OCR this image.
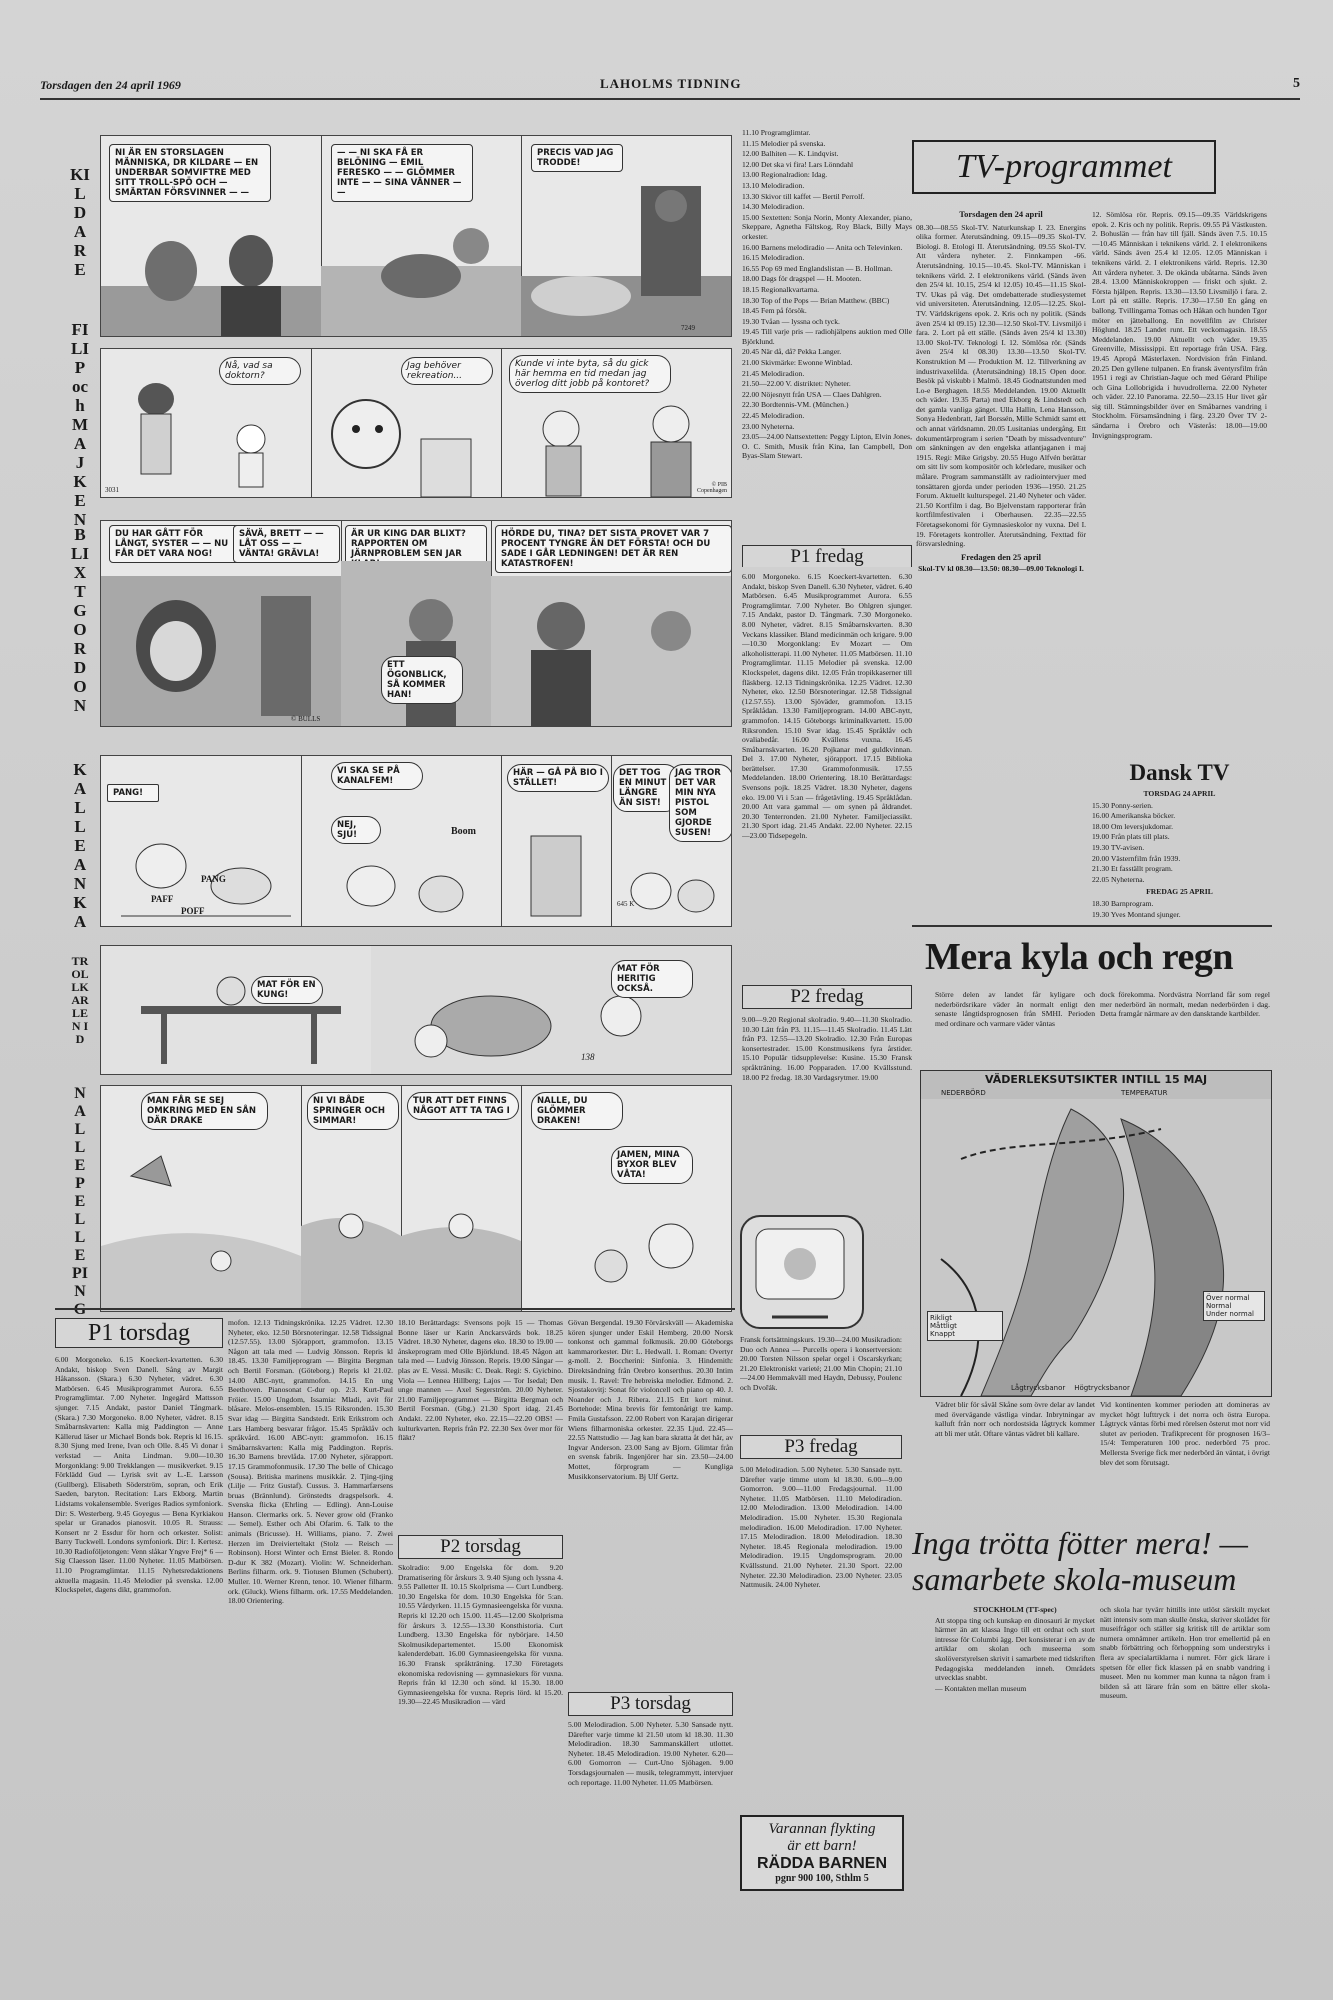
Torsdagen den 24 april 1969	LAHOLMS TIDNING	5
KILDARE
FILIP och MAJKEN
BLIXT GORDON
KALLE ANKA
TROLLKARLEN ID
NALLE PELLE PIN
NI ÄR EN STORSLAGEN MÄNNISKA, DR KILDARE — EN UNDERBAR SOMVIFTRE MED SITT TROLL-SPÖ OCH — SMÄRTAN FÖRSVINNER — —
— — NI SKA FÅ ER BELÖNING — EMIL FERESKO — — GLÖMMER INTE — — SINA VÄNNER — —
PRECIS VAD JAG TRODDE!
7249
Nå, vad sa doktorn?
3031
Jag behöver rekreation...
Kunde vi inte byta, så du gick här hemma en tid medan jag överlog ditt jobb på kontoret?
© PIB Copenhagen
DU HAR GÅTT FÖR LÅNGT, SYSTER — — NU FÅR DET VARA NOG!
SÄVÄ, BRETT — — LÅT OSS — — VÄNTA! GRÄVLA!
© BULLS
ÄR UR KING DAR BLIXT? RAPPORTEN OM JÄRNPROBLEM SEN JAR
ETT ÖGONBLICK, SÅ KOMMER HAN!
HÖRDE DU, TINA? DET SISTA PROVET VAR 7 PROCENT TYNGRE ÄN DET FÖRSTA! OCH DU SADE I GÅR LEDNINGEN! DET ÄR REN KATASTROFEN!
PANG!
PANG
PAFF
POFF
VI SKA SE PÅ KANALFEM!
NEJ, SJU!	Boom
HÄR — GÅ PÅ BIO I STÄLLET!
DET TOG EN MINUT LÄNGRE ÄN SIST!
JAG TROR DET VAR MIN NYA PISTOL SOM GJORDE SUSEN!
645 K
MAT FÖR EN KUNG!
MAT FÖR HERITIG OCKSÅ.
138
MAN FÅR SE SEJ OMKRING MED EN SÅN DÄR DRAKE
NI VI BÅDE SPRINGER OCH SIMMAR!
TUR ATT DET FINNS NÅGOT ATT TA TAG I
NALLE, DU GLÖMMER DRAKEN!
JAMEN, MINA BYXOR BLEV VÅTA!

11.10 Programglimtar.

11.15 Melodier på svenska.

12.00 Balhiten — K. Lindqvist.

12.00 Det ska vi fira! Lars Lönndahl

13.00 Regionalradion: Idag.

13.10 Melodiradion.

13.30 Skivor till kaffet — Bertil Perrolf.

14.30 Melodiradion.

15.00 Sextetten: Sonja Norin, Monty Alexander, piano, Skeppare, Agnetha Fältskog, Roy Black, Billy Mays orkester.

16.00 Barnens melodiradio — Anita och Televinken.

16.15 Melodiradion.

16.55 Pop 69 med Englandslistan — B. Hollman.

18.00 Dags för dragspel — H. Mooten.

18.15 Regionalkvartarna.

18.30 Top of the Pops — Brian Matthew. (BBC)

18.45 Fem på försök.

19.30 Tvåan — lyssna och tyck.

19.45 Till varje pris — radiohjälpens auktion med Olle Björklund.

20.45 När då, då? Pekka Langer.

21.00 Skivmärke: Ewonne Winblad.

21.45 Melodiradion.

21.50—22.00 V. distriktet: Nyheter.

22.00 Nöjesnytt från USA — Claes Dahlgren.

22.30 Bordtennis-VM. (München.)

22.45 Melodiradion.

23.00 Nyheterna.

23.05—24.00 Nattsextetten: Peggy Lipton, Elvin Jones, O. C. Smith, Musik från Kina, Ian Campbell, Don Byas-Slam Stewart.

P1 fredag

6.00 Morgoneko. 6.15 Koeckert-kvartetten. 6.30 Andakt, biskop Sven Danell. 6.30 Nyheter, vädret. 6.40 Matbörsen. 6.45 Musikprogrammet Aurora. 6.55 Programglimtar. 7.00 Nyheter. Bo Ohlgren sjunger. 7.15 Andakt, pastor D. Tångmark. 7.30 Morgoneko. 8.00 Nyheter, vädret. 8.15 Småbarnskvarten. 8.30 Veckans klassiker. Bland medicinmän och krigare. 9.00—10.30 Morgonklang: Ev Mozart — Om alkoholistterapi. 11.00 Nyheter. 11.05 Matbörsen. 11.10 Programglimtar. 11.15 Melodier på svenska. 12.00 Klockspelet, dagens dikt. 12.05 Från tropikkaserner till fläskberg. 12.13 Tidningskrönika. 12.25 Vädret. 12.30 Nyheter, eko. 12.50 Börsnoteringar. 12.58 Tidssignal (12.57.55). 13.00 Sjöväder, grammofon. 13.15 Språklådan. 13.30 Familjeprogram. 14.00 ABC-nytt, grammofon. 14.15 Göteborgs kriminalkvartett. 15.00 Riksronden. 15.10 Svar idag. 15.45 Språklåv och ovaliabedår. 16.00 Kvällens vuxna. 16.45 Småbarnskvarten. 16.20 Pojkanar med guldkvinnan. Del 3. 17.00 Nyheter, sjörapport. 17.15 Biblioka berättelser. 17.30 Grammofonmusik. 17.55 Meddelanden. 18.00 Orientering. 18.10 Berättardags: Svensons pojk. 18.25 Vädret. 18.30 Nyheter, dagens eko. 19.00 Vi i 5:an — frågetävling. 19.45 Språklådan. 20.00 Att vara gammal — om synen på åldrandet. 20.30 Tenterronden. 21.00 Nyheter. Familjeciassikt. 21.30 Sport idag. 21.45 Andakt. 22.00 Nyheter. 22.15—23.00 Tidsepegeln.

P2 fredag

9.00—9.20 Regional skolradio. 9.40—11.30 Skolradio. 10.30 Lätt från P3. 11.15—11.45 Skolradio. 11.45 Lätt från P3. 12.55—13.20 Skolradio. 12.30 Från Europas konsertestrader. 15.00 Konstmusikens fyra årstider. 15.10 Populär tidsupplevelse: Kusine. 15.30 Fransk språkträning. 16.00 Popparaden. 17.00 Kvällsstund. 18.00 P2 fredag. 18.30 Vardagsrytmer. 19.00

TV-programmet
Torsdagen den 24 april

08.30—08.55 Skol-TV. Naturkunskap I. 23. Energins olika former. Återutsändning. 09.15—09.35 Skol-TV. Biologi. 8. Etologi II. Återutsändning. 09.55 Skol-TV. Att vårdera nyheter. 2. Finnkampen -66. Återutsändning. 10.15—10.45. Skol-TV. Människan i teknikens värld. 2. I elektronikens värld. (Sänds även den 25/4 kl. 10.15, 25/4 kl 12.05) 10.45—11.15 Skol-TV. Ukas på väg. Det omdebatterade studiesystemet vid universiteten. Återutsändning. 12.05—12.25. Skol-TV. Världskrigens epok. 2. Kris och ny politik. (Sänds även 25/4 kl 09.15) 12.30—12.50 Skol-TV. Livsmiljö i fara. 2. Lort på ett ställe. (Sänds även 25/4 kl 13.30) 13.00 Skol-TV. Teknologi I. 12. Sömlösa rör. (Sänds även 25/4 kl 08.30) 13.30—13.50 Skol-TV. Konstruktion M — Produktion M. 12. Tillverkning av industrivaxelilda. (Återutsändning) 18.15 Open door. Besök på viskubb i Malmö. 18.45 Godnattstunden med Lo-e Berghagen. 18.55 Meddelanden. 19.00 Aktuellt och väder. 19.35 Parta) med Ekborg & Lindstedt och det gamla vanliga gänget. Ulla Hallin, Lena Hansson, Sonya Hedenbratt, Jarl Borssén, Mille Schmidt samt ett och annat världsnamn. 20.05 Lusitanias undergång. Ett dokumentärprogram i serien "Death by missadventure" om sänkningen av den engelska atlantjaganen i maj 1915. Regi: Mike Grigsby. 20.55 Hugo Alfvén berättar om sitt liv som kompositör och körledare, musiker och målare. Program sammanställt av radiointervjuer med tonsättaren gjorda under perioden 1936—1950. 21.25 Forum. Aktuellt kulturspegel. 21.40 Nyheter och väder. 21.50 Kortfilm i dag. Bo Bjelvenstam rapporterar från kortfilmfestivalen i Oberhausen. 22.35—22.55 Företagsekonomi för Gymnasieskolor ny vuxna. Del I. 19. Företagets kontroller. Återutsändning. Fexttad för försvarsledning.

Fredagen den 25 april

Skol-TV kl 08.30—13.50: 08.30—09.00 Teknologi I.

12. Sömlösa rör. Repris. 09.15—09.35 Världskrigens epok. 2. Kris och ny politik. Repris. 09.55 På Västkusten. 2. Bohuslän — från hav till fjäll. Sänds även 7.5. 10.15—10.45 Människan i teknikens värld. 2. I elektronikens värld. Sänds även 25.4 kl 12.05. 12.05 Människan i teknikens värld. 2. I elektronikens värld. Repris. 12.30 Att vårdera nyheter. 3. De okända ubåtarna. Sänds även 28.4. 13.00 Människokroppen — friskt och sjukt. 2. Första hjälpen. Repris. 13.30—13.50 Livsmiljö i fara. 2. Lort på ett ställe. Repris. 17.30—17.50 En gång en ballong. Tvillingarna Tomas och Håkan och hunden Tgor möter en jätteballong. En novellfilm av Christer Höglund. 18.25 Landet runt. Ett veckomagasin. 18.55 Meddelanden. 19.00 Aktuellt och väder. 19.35 Greenville, Mississippi. Ett reportage från USA. Färg. 19.45 Apropå Mästerlaxen. Nordvision från Finland. 20.25 Den gyllene tulpanen. En fransk äventyrsfilm från 1951 i regi av Christian-Jaque och med Gérard Philipe och Gina Lollobrigida i huvudrollerna. 22.00 Nyheter och väder. 22.10 Panorama. 22.50—23.15 Hur livet går sig till. Stämningsbilder över en Småbarnes vandring i Stockholm. Församsändning i färg. 23.20 Över TV 2-sändarna i Örebro och Västerås: 18.00—19.00 Invigningsprogram.

Dansk TV

TORSDAG 24 APRIL

15.30 Ponny-serien.

16.00 Amerikanska böcker.

18.00 Om leversjukdomar.

19.00 Från plats till plats.

19.30 TV-avisen.

20.00 Västernfilm från 1939.

21.30 Et fasställt program.

22.05 Nyheterna.

FREDAG 25 APRIL

18.30 Barnprogram.

19.30 Yves Montand sjunger.

Mera kyla och regn

Större delen av landet får kyligare och nederbördsrikare väder än normalt enligt den senaste långtidsprognosen från SMHI. Perioden med ordinare och varmare väder väntas

dock förekomma. Nordvästra Norrland får som regel mer nederbörd än normalt, medan nederbörden i dag. Detta framgår närmare av den dansktande kartbilder.

VÄDERLEKSUTSIKTER INTILL 15 MAJ
NEDERBÖRD	TEMPERATUR
Rikligt
Måttligt
Knappt
Över normal
Normal
Under normal
Lågtrycksbanor Högtrycksbanor

Vädret blir för såväl Skåne som övre delar av landet med övervägande västliga vindar. Inbrytningar av kalluft från norr och nordostsida lågtryck kommer att bli mer utåt. Oftare väntas vädret bli kallare.

Vid kontinenten kommer perioden att domineras av mycket högt lufttryck i det norra och östra Europa. Lågtryck väntas förbi med rörelsen österut mot norr vid slutet av perioden. Trafikprecent för prognosen 16/3–15/4: Temperaturen 100 proc. nederbörd 75 proc. Mellersta Sverige fick mer nederbörd än väntat, i övrigt blev det som förutsagt.

Inga trötta fötter mera! — samarbete skola-museum

STOCKHOLM (TT-spec)

Att stoppa ting och kunskap en dinosauri är mycket härmer än att klassa Ingo till ett ordnat och stort intresse för Columbi ägg. Det konsisterar i en av de artiklar om skolan och museerna som skolöverstyrelsen skrivit i samarbete med tidskriften Pedagogiska meddelanden inneh. Områdets utvecklas snabbt.

— Kontakten mellan museum

och skola har tyvärr hittills inte utlöst särskilt mycket nätt intensiv som man skulle önska, skriver skolådet för museifrågor och ställer sig kritisk till de artiklar som numera omnämner artikeln. Hon tror emellertid på en snabb förbättring och förhoppning som understryks i flera av specialartiklarna i numret. Förr gick lärare i spetsen för eller fick klassen på en snabb vandring i museet. Men nu kommer man kunna ta någon fram i bilden så att lärare från som en bättre eller skola-museum.

P1 torsdag

6.00 Morgoneko. 6.15 Koeckert-kvartetten. 6.30 Andakt, biskop Sven Danell. Sång av Margit Håkansson. (Skara.) 6.30 Nyheter, vädret. 6.30 Matbörsen. 6.45 Musikprogrammet Aurora. 6.55 Programglimtar. 7.00 Nyheter. Ingegärd Mattsson sjunger. 7.15 Andakt, pastor Daniel Tångmark. (Skara.) 7.30 Morgoneko. 8.00 Nyheter, vädret. 8.15 Småbarnskvarten: Kalla mig Paddington — Anne Källerud läser ur Michael Bonds bok. Repris kl 16.15. 8.30 Sjung med Irene, Ivan och Olle. 8.45 Vi donar i verkstad — Anita Lindman. 9.00—10.30 Morgonklang: 9.00 Trekklangen — musikverket. 9.15 Förklädd Gud — Lyrisk svit av L.-E. Larsson (Gullberg). Elisabeth Söderström, sopran, och Erik Saeden, baryton. Recitation: Lars Ekborg. Martin Lidstams vokalensemble. Sveriges Radios symfoniork. Dir: S. Westerberg. 9.45 Goyegus — Bena Kyrkiakou spelar ur Granados pianosvit. 10.05 R. Strauss: Konsert nr 2 Essdur för horn och orkester. Solist: Barry Tuckwell. Londons symfoniork. Dir: I. Kertesz. 10.30 Radioföljetongen: Venn slåkar Yngve Frej* 6 — Sig Claesson läser. 11.00 Nyheter. 11.05 Matbörsen. 11.10 Programglimtar. 11.15 Nyhetsredaktionens aktuella magasin. 11.45 Melodier på svenska. 12.00 Klockspelet, dagens dikt, grammofon.

mofon. 12.13 Tidningskrönika. 12.25 Vädret. 12.30 Nyheter, eko. 12.50 Börsnoteringar. 12.58 Tidssignal (12.57.55). 13.00 Sjörapport, grammofon. 13.15 Någon att tala med — Ludvig Jönsson. Repris kl 18.45. 13.30 Familjeprogram — Birgitta Bergman och Bertil Forsman. (Göteborg.) Repris kl 21.02. 14.00 ABC-nytt, grammofon. 14.15 En ung Beethoven. Pianosonat C-dur op. 2:3. Kurt-Paul Fröier. 15.00 Ungdom, Issamia: Mladi, avit för blåsare. Melos-ensemblen. 15.15 Riksronden. 15.30 Svar idag — Birgitta Sandstedt. Erik Erikstrom och Lars Hamberg besvarar frågor. 15.45 Språklåv och språkvård. 16.00 ABC-nytt: grammofon. 16.15 Småbarnskvarten: Kalla mig Paddington. Repris. 16.30 Barnens brevlåda. 17.00 Nyheter, sjörapport. 17.15 Grammofonmusik. 17.30 The belle of Chicago (Sousa). Britiska marinens musikkår. 2. Tjing-tjing (Lilje — Fritz Gustaf). Cussus. 3. Hammarfærsens bruas (Brännlund). Grönstedts dragspelsork. 4. Svenska flicka (Ehrling — Edling). Ann-Louise Hanson. Clermarks ork. 5. Never grow old (Franko — Semel). Esther och Abi Ofarim. 6. Talk to the animals (Bricusse). H. Williams, piano. 7. Zwei Herzen im Dreivierteltakt (Stolz — Reisch — Robinson). Horst Winter och Ernst Bieler. 8. Rondo D-dur K 382 (Mozart). Violin: W. Schneiderhan. Berlins filharm. ork. 9. Tiotusen Blumen (Schubert). Muller. 10. Werner Krenn, tenor. 10. Wiener filharm. ork. (Gluck). Wiens filharm. ork. 17.55 Meddelanden. 18.00 Orientering.

18.10 Berättardags: Svensons pojk 15 — Thomas Bonne läser ur Karin Anckarsvärds bok. 18.25 Vädret. 18.30 Nyheter, dagens eko. 18.30 to 19.00 — ånskeprogram med Olle Björklund. 18.45 Någon att tala med — Ludvig Jönsson. Repris. 19.00 Sångar — plas av E. Vessi. Musik: C. Deak. Regi: S. Gyicbino. Viola — Lennea Hillberg; Lajos — Tor Isedal; Den unge mannen — Axel Segerström. 20.00 Nyheter. 21.00 Familjeprogrammet — Birgitta Bergman och Bertil Forsman. (Gbg.) 21.30 Sport idag. 21.45 Andakt. 22.00 Nyheter, eko. 22.15—22.20 OBS! — kulturkvarten. Repris från P2. 22.30 Sex över mor för fläkt?

P2 torsdag

Skolradio: 9.00 Engelska för dom. 9.20 Dramatisering för årskurs 3. 9.40 Sjung och lyssna 4. 9.55 Palletter II. 10.15 Skolprisma — Curt Lundberg. 10.30 Engelska för dom. 10.30 Engelska för 5:an. 10.55 Vårdyrken. 11.15 Gymnasieengelska för vuxna. Repris kl 12.20 och 15.00. 11.45—12.00 Skolprisma för årskurs 3. 12.55—13.30 Konsthistoria. Curt Lundberg. 13.30 Engelska för nybörjare. 14.50 Skolmusikdepartementet. 15.00 Ekonomisk kalenderdebatt. 16.00 Gymnasieengelska för vuxna. 16.30 Fransk språkträning. 17.30 Företagets ekonomiska redovisning — gymnasiekurs för vuxna. Repris från kl 12.30 och sönd. kl 15.30. 18.00 Gymnasieengelska för vuxna. Repris lörd. kl 15.20. 19.30—22.45 Musikradion — värd

Gövan Bergendal. 19.30 Förvärskväll — Akademiska kören sjunger under Eskil Hemberg. 20.00 Norsk tonkonst och gammal folkmusik. 20.00 Göteborgs kammarorkester. Dir: L. Hedwall. 1. Roman: Overtyr g-moll. 2. Boccherini: Sinfonia. 3. Hindemith: Direktsändning från Orebro konserthus. 20.30 Intim musik. 1. Ravel: Tre hebreiska melodier. Edmond. 2. Sjostakovitj: Sonat för violoncell och piano op 40. J. Noander och J. Ribera. 21.15 Ett kort minut. Bortehode: Mina brevis för femtonårigt tre kamp. Fmila Gustafsson. 22.00 Robert von Karajan dirigerar Wiens filharmoniska orkester. 22.35 Ljud. 22.45—22.55 Nattstudio — Jag kan bara skratta åt det här, av Ingvar Anderson. 23.00 Sang av Bjorn. Glimtar från en svensk fabrik. Ingenjörer har sin. 23.50—24.00 Mottet, förprogram — Kungliga Musikkonservatorium. Bj Ulf Gertz.

P3 torsdag

5.00 Melodiradion. 5.00 Nyheter. 5.30 Sansade nytt. Därefter varje timme kl 21.50 utom kl 18.30. 11.30 Melodiradion. 18.30 Sammanskällert utlottet. Nyheter. 18.45 Melodiradion. 19.00 Nyheter. 6.20—6.00 Gomorron — Curt-Uno Sjöhagen. 9.00 Torsdagsjournalen — musik, telegrammytt, intervjuer och reportage. 11.00 Nyheter. 11.05 Matbörsen.

Fransk fortsättningskurs. 19.30—24.00 Musikradion: Duo och Annea — Purcells opera i konsertversion: 20.00 Torsten Nilsson spelar orgel i Oscarskyrkan; 21.20 Elektroniskt varieté; 21.00 Min Chopin; 21.10—24.00 Hemmakväll med Haydn, Debussy, Poulenc och Dvořák.

P3 fredag

5.00 Melodiradion. 5.00 Nyheter. 5.30 Sansade nytt. Därefter varje timme utom kl 18.30. 6.00—9.00 Gomorron. 9.00—11.00 Fredagsjournal. 11.00 Nyheter. 11.05 Matbörsen. 11.10 Melodiradion. 12.00 Melodiradion. 13.00 Melodiradion. 14.00 Melodiradion. 15.00 Nyheter. 15.30 Regionala melodiradion. 16.00 Melodiradion. 17.00 Nyheter. 17.15 Melodiradion. 18.00 Melodiradion. 18.30 Nyheter. 18.45 Regionala melodiradion. 19.00 Melodiradion. 19.15 Ungdomsprogram. 20.00 Kvällsstund. 21.00 Nyheter. 21.30 Sport. 22.00 Nyheter. 22.30 Melodiradion. 23.00 Nyheter. 23.05 Nattmusik. 24.00 Nyheter.

Varannan flykting
är ett barn!
RÄDDA BARNEN
pgnr 900 100, Sthlm 5
